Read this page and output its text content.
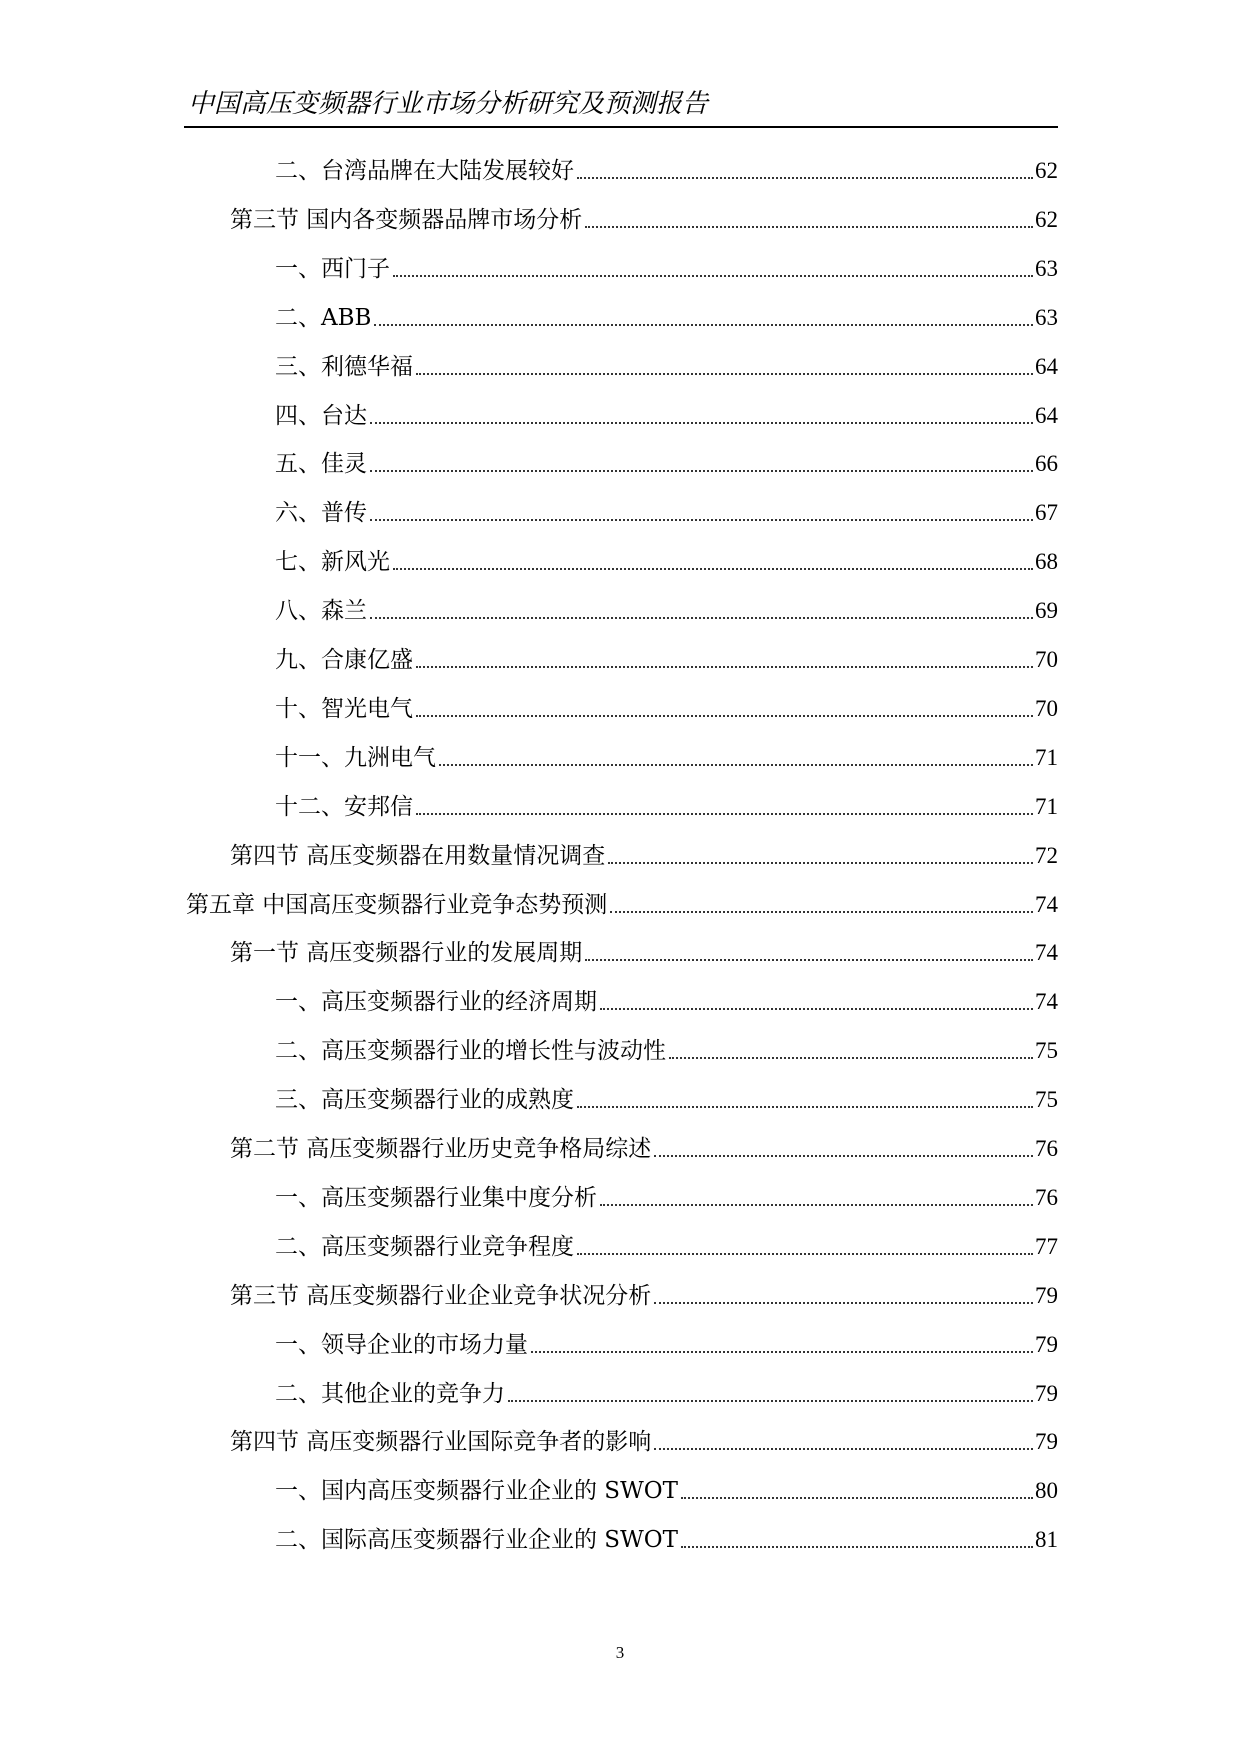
中国高压变频器行业市场分析研究及预测报告
二、台湾品牌在大陆发展较好	62
第三节 国内各变频器品牌市场分析	62
一、西门子	63
二、ABB	63
三、利德华福	64
四、台达	64
五、佳灵	66
六、普传	67
七、新风光	68
八、森兰	69
九、合康亿盛	70
十、智光电气	70
十一、九洲电气	71
十二、安邦信	71
第四节 高压变频器在用数量情况调查	72
第五章 中国高压变频器行业竞争态势预测	74
第一节 高压变频器行业的发展周期	74
一、高压变频器行业的经济周期	74
二、高压变频器行业的增长性与波动性	75
三、高压变频器行业的成熟度	75
第二节 高压变频器行业历史竞争格局综述	76
一、高压变频器行业集中度分析	76
二、高压变频器行业竞争程度	77
第三节 高压变频器行业企业竞争状况分析	79
一、领导企业的市场力量	79
二、其他企业的竞争力	79
第四节 高压变频器行业国际竞争者的影响	79
一、国内高压变频器行业企业的 SWOT	80
二、国际高压变频器行业企业的 SWOT	81
3
